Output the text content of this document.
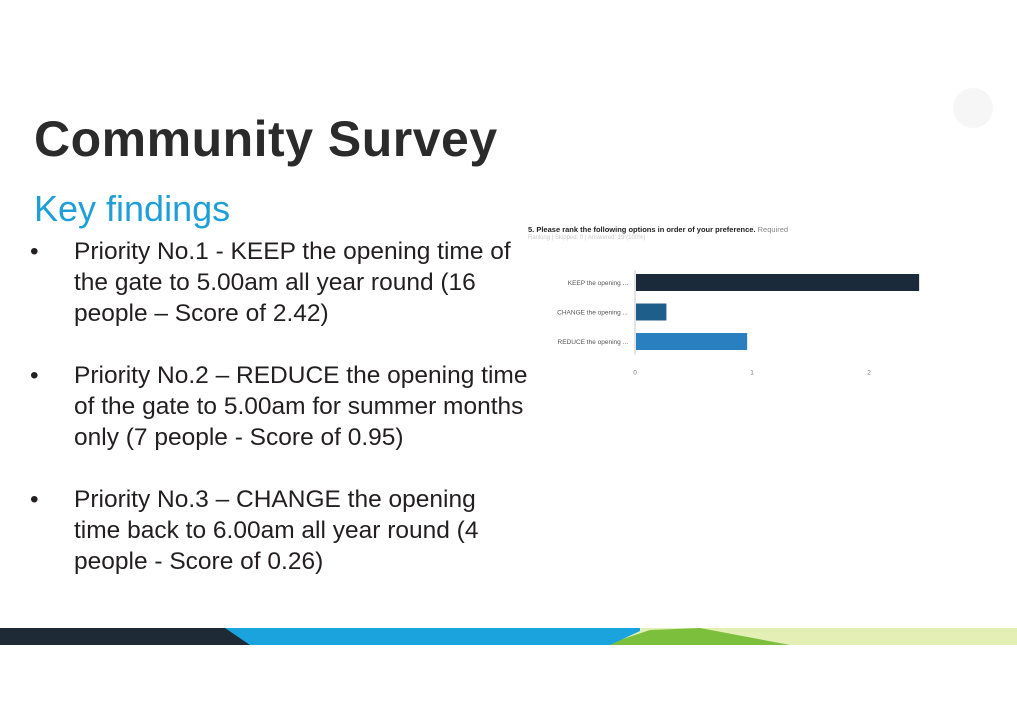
Community Survey
Key findings
• Priority No.1 - KEEP the opening time of the gate to 5.00am all year round (16 people – Score of 2.42)
• Priority No.2 – REDUCE the opening time of the gate to 5.00am for summer months only (7 people - Score of 0.95)
• Priority No.3 – CHANGE the opening time back to 6.00am all year round (4 people - Score of 0.26)
5. Please rank the following options in order of your preference. Required
Ranking | Skipped: 0 | Answered: 19 (100%)
KEEP the opening ...
CHANGE the opening ...
REDUCE the opening ...
0	1	2
